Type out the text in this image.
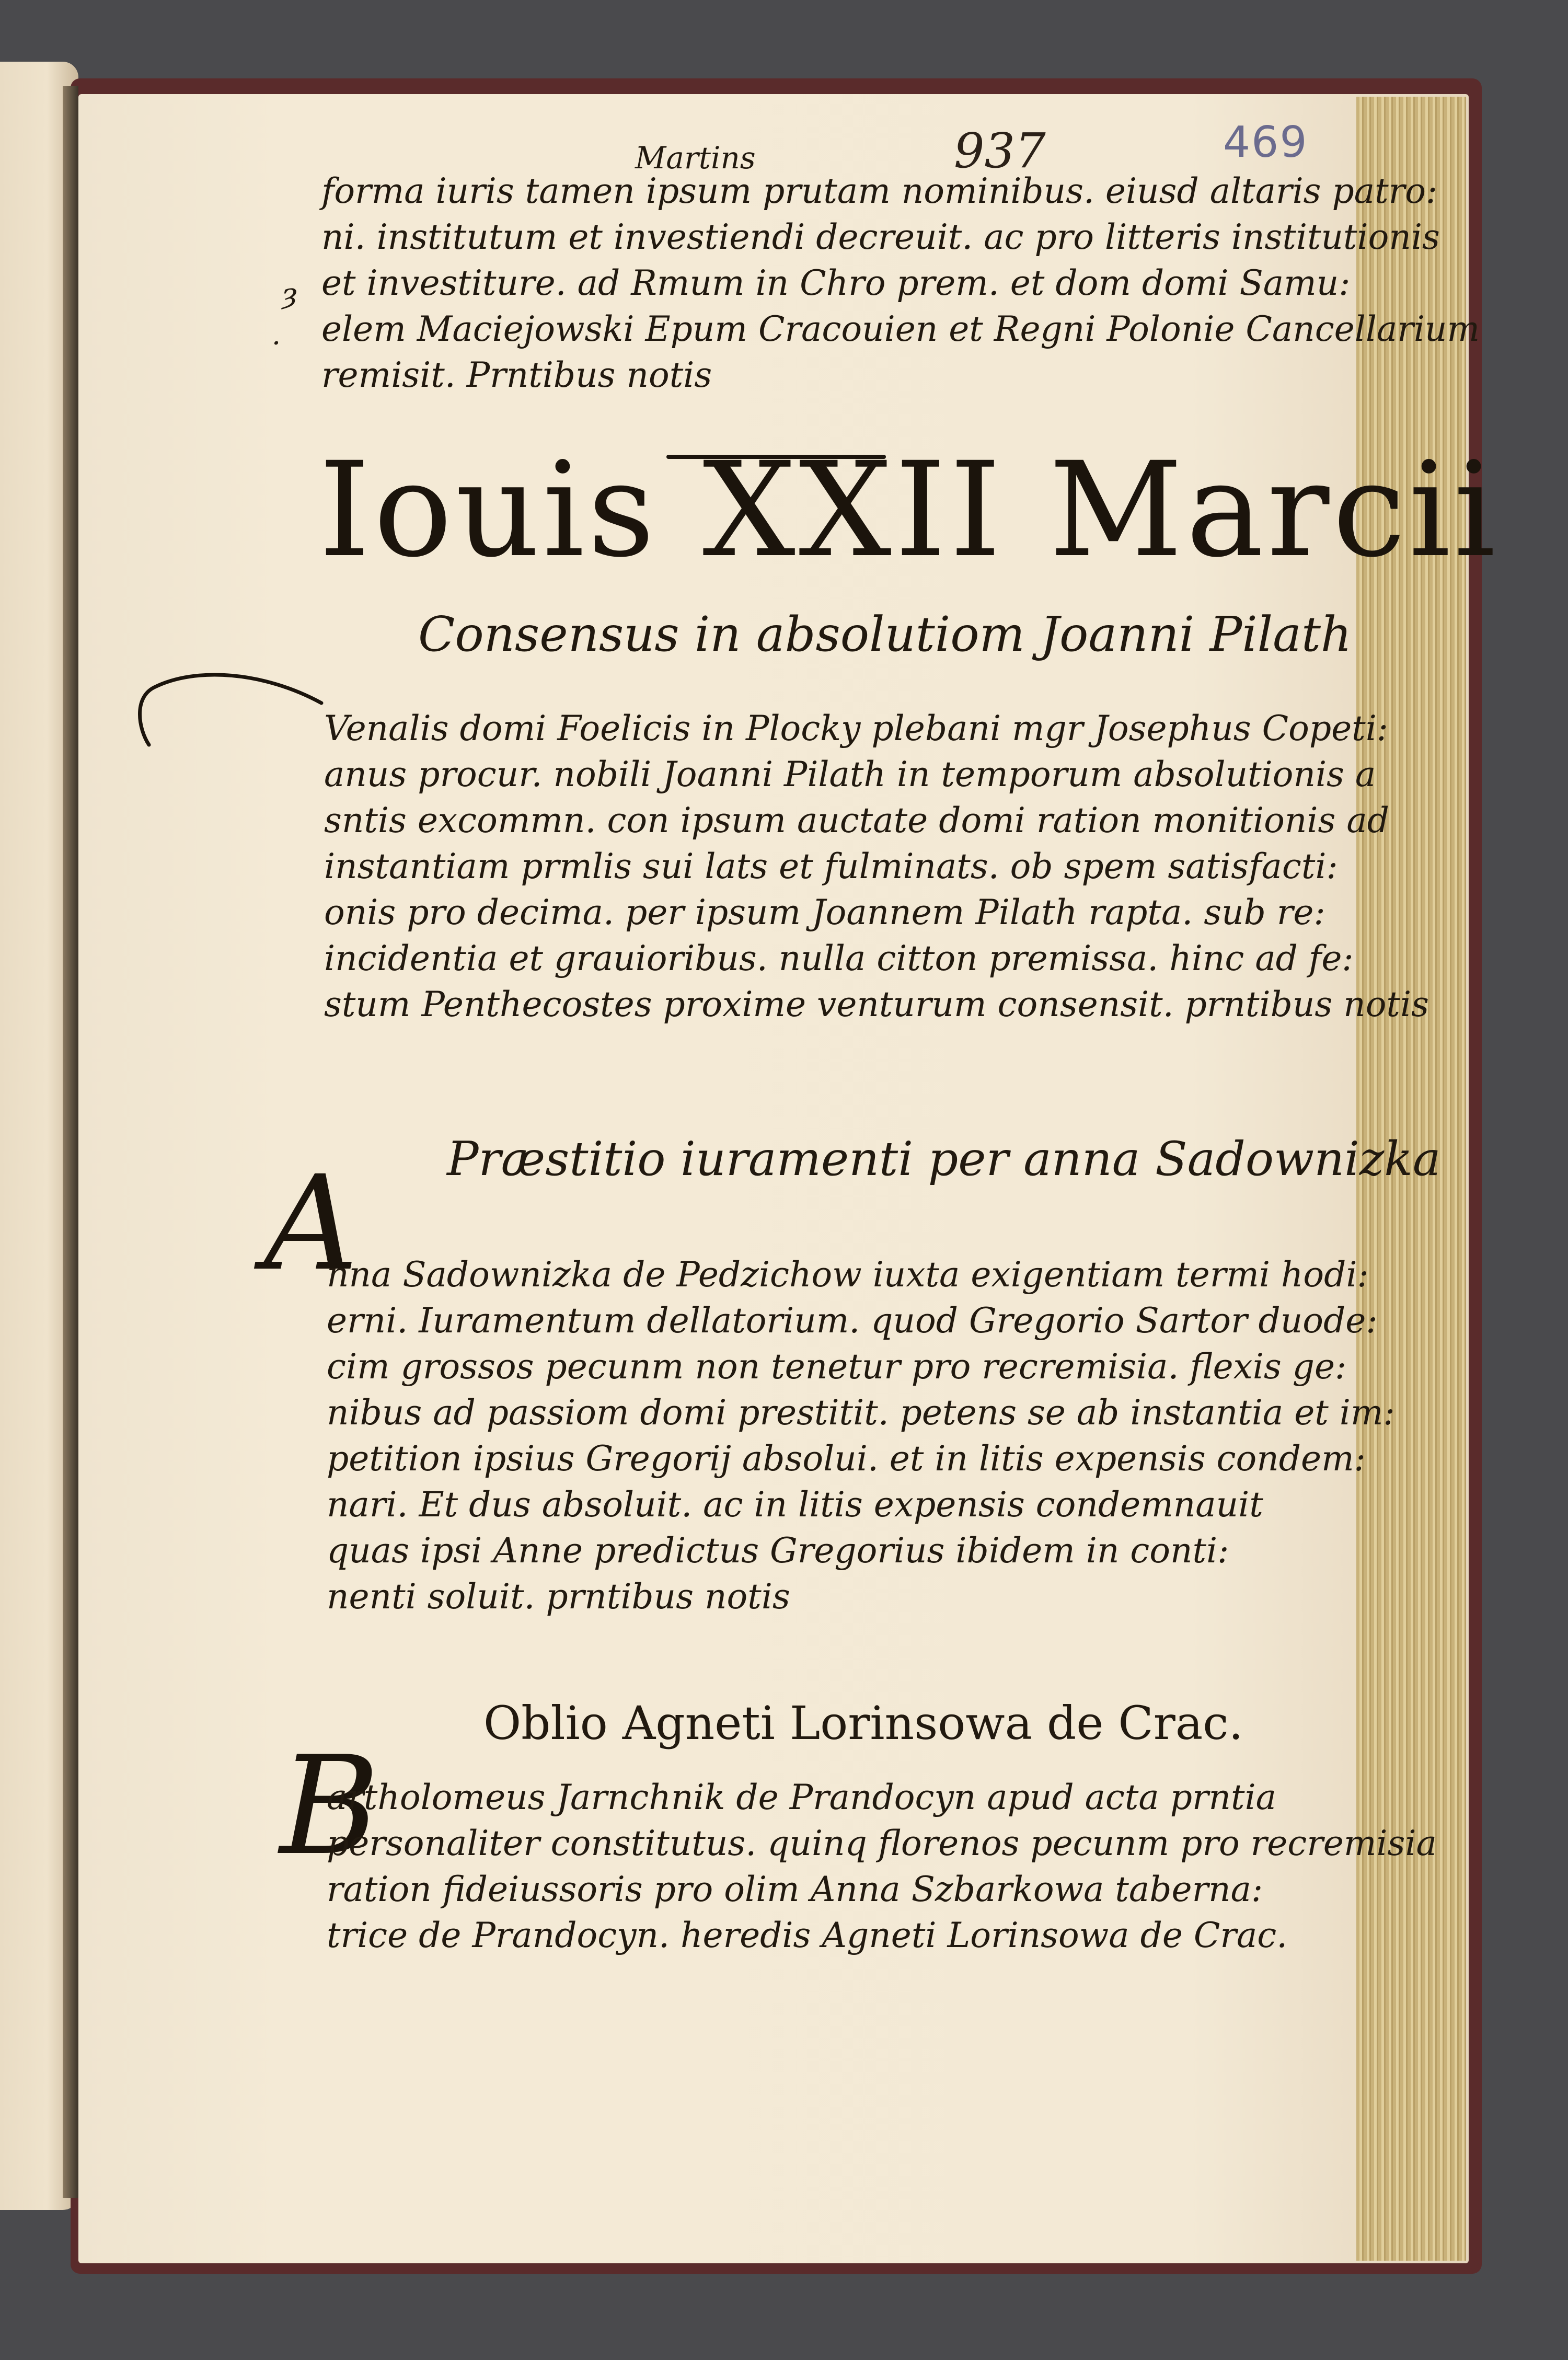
469
937
Martins
forma iuris tamen ipsum prutam nominibus. eiusd altaris patro:
ni. institutum et investiendi decreuit. ac pro litteris institutionis
et investiture. ad Rmum in Chro prem. et dom domi Samu:
elem Maciejowski Epum Cracouien et Regni Polonie Cancellarium
remisit. Prntibus notis
ȝ
·
Iouis XXII Marcii
Consensus in absolutiom Joanni Pilath
Venalis domi Foelicis in Plocky plebani mgr Josephus Copeti:
anus procur. nobili Joanni Pilath in temporum absolutionis a
sntis excommn. con ipsum auctate domi ration monitionis ad
instantiam prmlis sui lats et fulminats. ob spem satisfacti:
onis pro decima. per ipsum Joannem Pilath rapta. sub re:
incidentia et grauioribus. nulla citton premissa. hinc ad fe:
stum Penthecostes proxime venturum consensit. prntibus notis
Præstitio iuramenti per anna Sadownizka
A
nna Sadownizka de Pedzichow iuxta exigentiam termi hodi:
erni. Iuramentum dellatorium. quod Gregorio Sartor duode:
cim grossos pecunm non tenetur pro recremisia. flexis ge:
nibus ad passiom domi prestitit. petens se ab instantia et im:
petition ipsius Gregorij absolui. et in litis expensis condem:
nari. Et dus absoluit. ac in litis expensis condemnauit
quas ipsi Anne predictus Gregorius ibidem in conti:
nenti soluit. prntibus notis
Oblio Agneti Lorinsowa de Crac.
B
artholomeus Jarnchnik de Prandocyn apud acta prntia
personaliter constitutus. quinq florenos pecunm pro recremisia
ration fideiussoris pro olim Anna Szbarkowa taberna:
trice de Prandocyn. heredis Agneti Lorinsowa de Crac.
